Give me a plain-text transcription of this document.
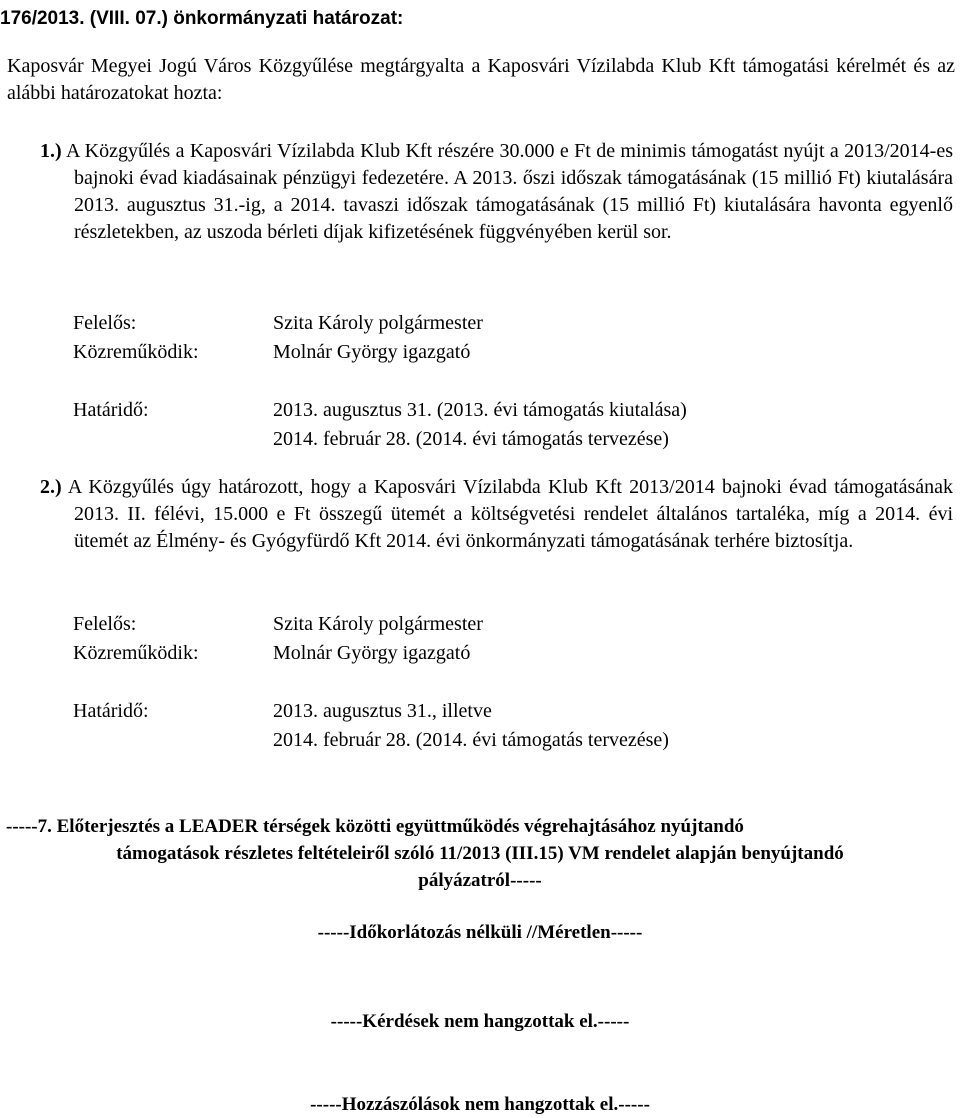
176/2013. (VIII. 07.) önkormányzati határozat:
Kaposvár Megyei Jogú Város Közgyűlése megtárgyalta a Kaposvári Vízilabda Klub Kft támogatási kérelmét és az alábbi határozatokat hozta:
1.) A Közgyűlés a Kaposvári Vízilabda Klub Kft részére 30.000 e Ft de minimis támogatást nyújt a 2013/2014-es bajnoki évad kiadásainak pénzügyi fedezetére. A 2013. őszi időszak támogatásának (15 millió Ft) kiutalására 2013. augusztus 31.-ig, a 2014. tavaszi időszak támogatásának (15 millió Ft) kiutalására havonta egyenlő részletekben, az uszoda bérleti díjak kifizetésének függvényében kerül sor.
Felelős:	Szita Károly polgármester
Közreműködik:	Molnár György igazgató
Határidő:	2013. augusztus 31. (2013. évi támogatás kiutalása)
2014. február 28. (2014. évi támogatás tervezése)
2.) A Közgyűlés úgy határozott, hogy a Kaposvári Vízilabda Klub Kft 2013/2014 bajnoki évad támogatásának 2013. II. félévi, 15.000 e Ft összegű ütemét a költségvetési rendelet általános tartaléka, míg a 2014. évi ütemét az Élmény- és Gyógyfürdő Kft 2014. évi önkormányzati támogatásának terhére biztosítja.
Felelős:	Szita Károly polgármester
Közreműködik:	Molnár György igazgató
Határidő:	2013. augusztus 31., illetve
2014. február 28. (2014. évi támogatás tervezése)
-----7. Előterjesztés a LEADER térségek közötti együttműködés végrehajtásához nyújtandó
támogatások részletes feltételeiről szóló 11/2013 (III.15) VM rendelet alapján benyújtandó
pályázatról-----
-----Időkorlátozás nélküli //Méretlen-----
-----Kérdések nem hangzottak el.-----
-----Hozzászólások nem hangzottak el.-----
